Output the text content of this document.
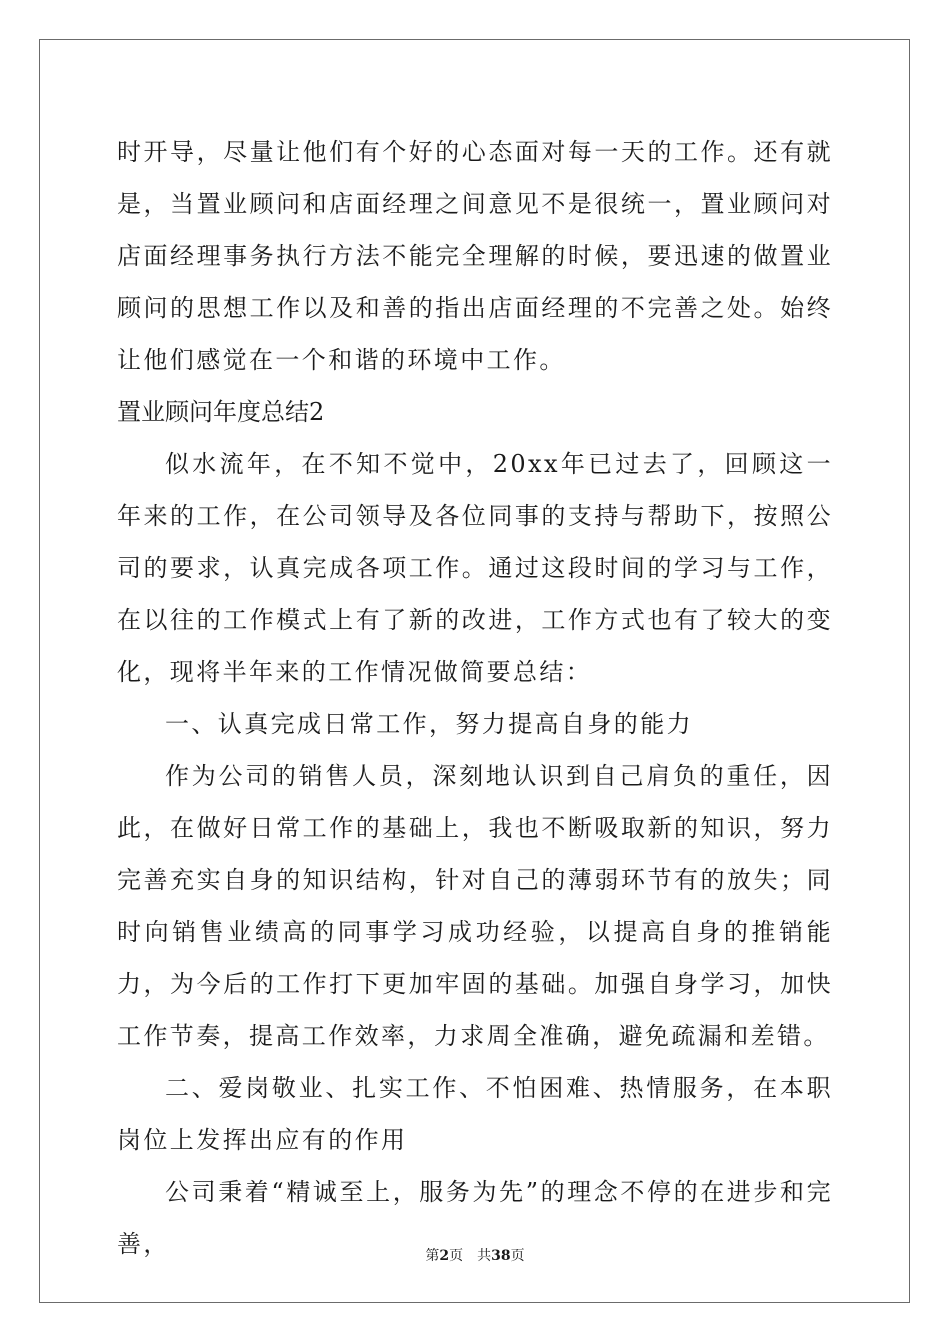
时开导，尽量让他们有个好的心态面对每一天的工作。还有就是，当置业顾问和店面经理之间意见不是很统一，置业顾问对店面经理事务执行方法不能完全理解的时候，要迅速的做置业顾问的思想工作以及和善的指出店面经理的不完善之处。始终让他们感觉在一个和谐的环境中工作。

置业顾问年度总结2

似水流年，在不知不觉中，20xx年已过去了，回顾这一年来的工作，在公司领导及各位同事的支持与帮助下，按照公司的要求，认真完成各项工作。通过这段时间的学习与工作，在以往的工作模式上有了新的改进，工作方式也有了较大的变化，现将半年来的工作情况做简要总结：

一、认真完成日常工作，努力提高自身的能力

作为公司的销售人员，深刻地认识到自己肩负的重任，因此，在做好日常工作的基础上，我也不断吸取新的知识，努力完善充实自身的知识结构，针对自己的薄弱环节有的放失；同时向销售业绩高的同事学习成功经验，以提高自身的推销能力，为今后的工作打下更加牢固的基础。加强自身学习，加快工作节奏，提高工作效率，力求周全准确，避免疏漏和差错。

二、爱岗敬业、扎实工作、不怕困难、热情服务，在本职岗位上发挥出应有的作用

公司秉着“精诚至上，服务为先”的理念不停的在进步和完善，	第2页 共38页
